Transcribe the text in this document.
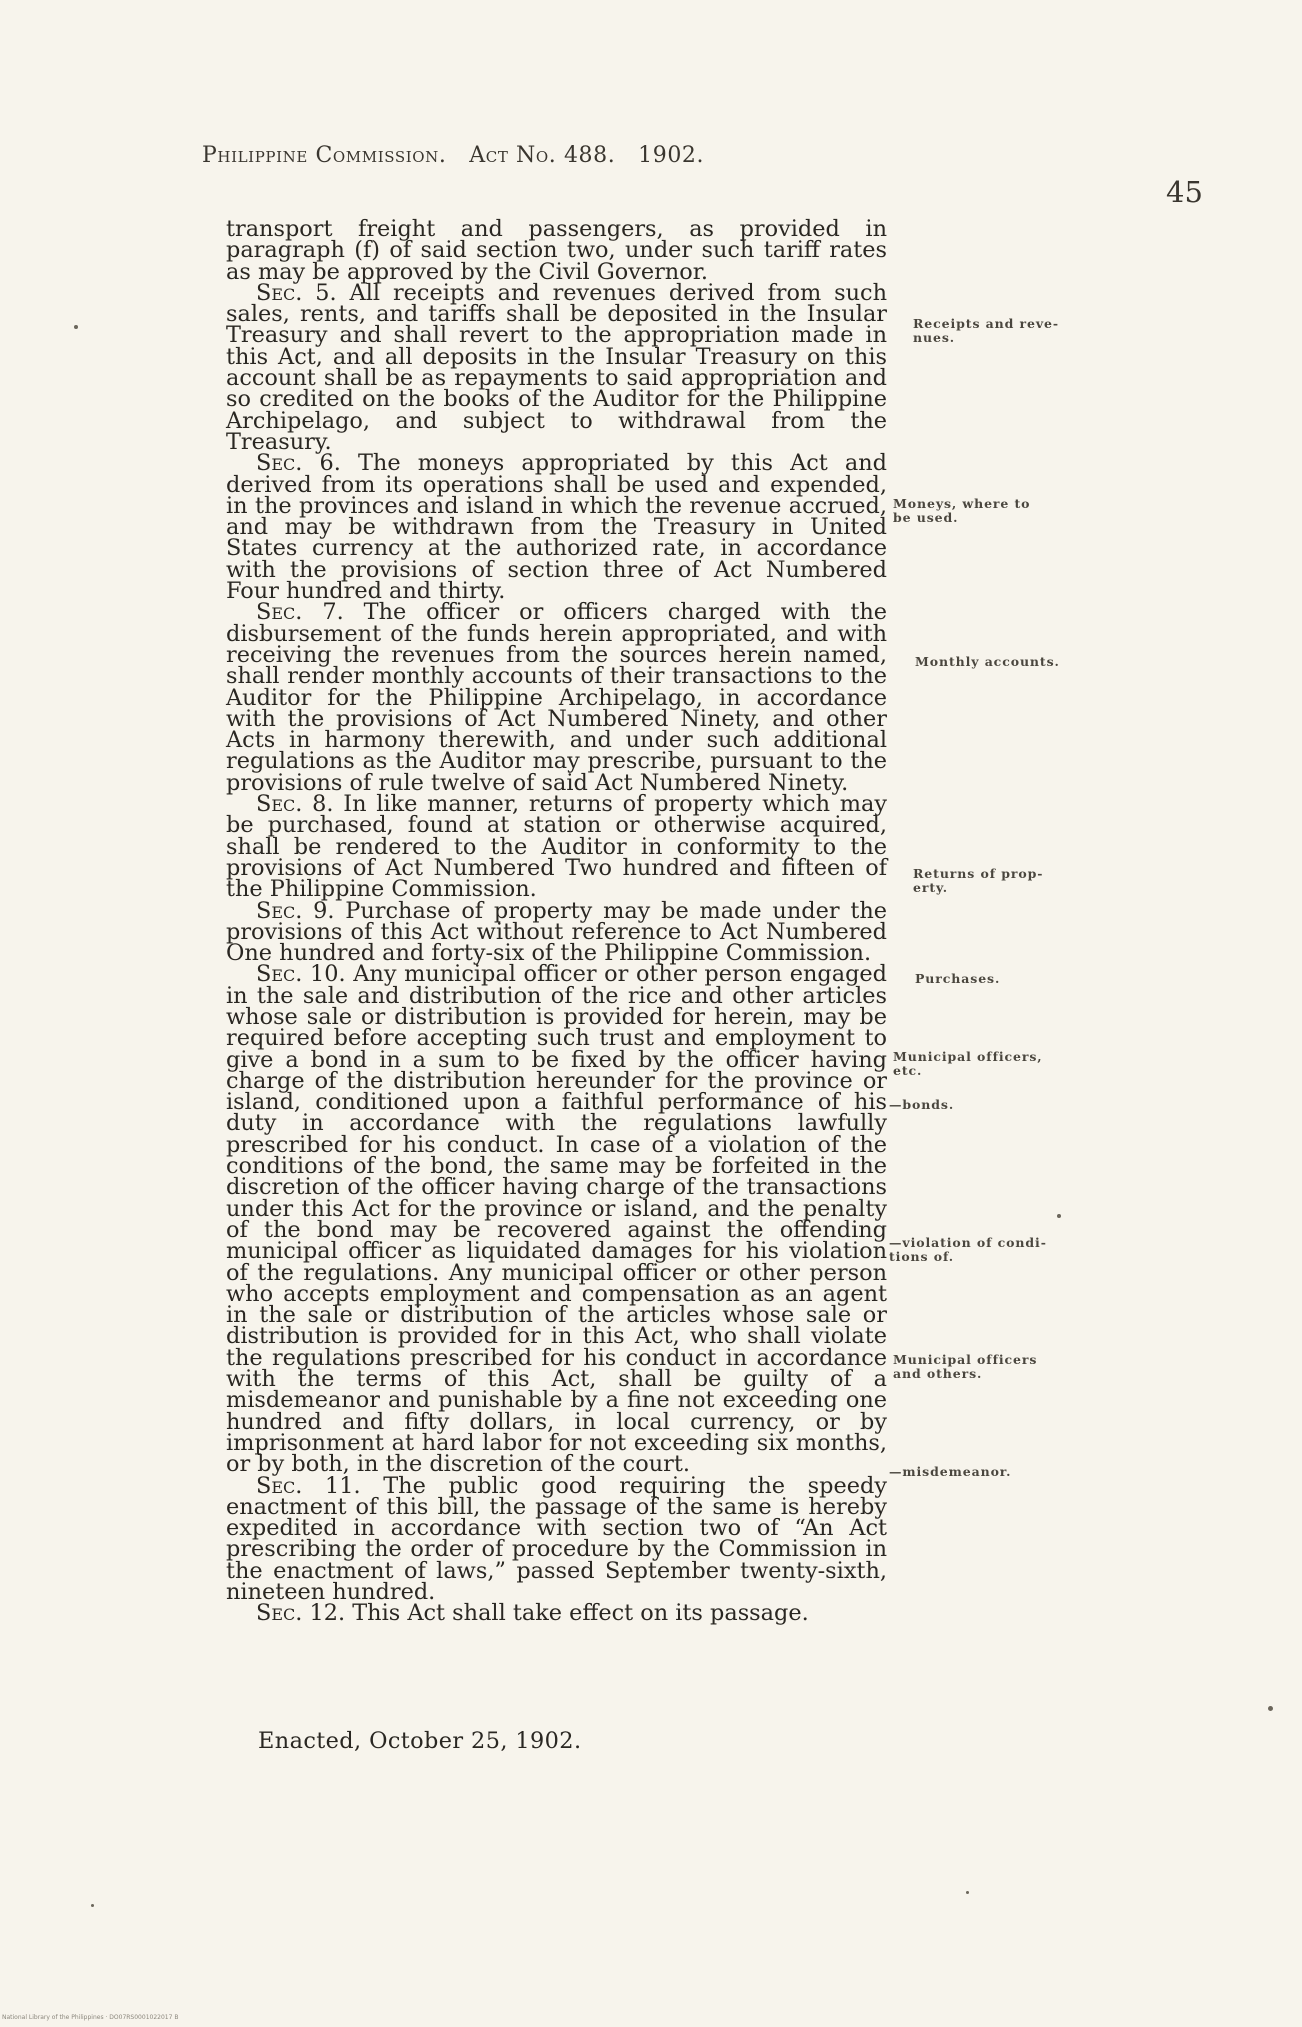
Philippine Commission. Act No. 488. 1902.
45

transport freight and passengers, as provided in paragraph (f) of said section two, under such tariff rates as may be approved by the Civil Governor.

Sec. 5. All receipts and revenues derived from such sales, rents, and tariffs shall be deposited in the Insular Treasury and shall revert to the appropriation made in this Act, and all deposits in the Insular Treasury on this account shall be as repayments to said appropriation and so credited on the books of the Auditor for the Philippine Archipelago, and subject to withdrawal from the Treasury.

Sec. 6. The moneys appropriated by this Act and derived from its operations shall be used and expended, in the provinces and island in which the revenue accrued, and may be withdrawn from the Treasury in United States currency at the authorized rate, in accordance with the provisions of section three of Act Numbered Four hundred and thirty.

Sec. 7. The officer or officers charged with the disbursement of the funds herein appropriated, and with receiving the revenues from the sources herein named, shall render monthly accounts of their transactions to the Auditor for the Philippine Archipelago, in accordance with the provisions of Act Numbered Ninety, and other Acts in harmony therewith, and under such additional regulations as the Auditor may prescribe, pursuant to the provisions of rule twelve of said Act Numbered Ninety.

Sec. 8. In like manner, returns of property which may be purchased, found at station or otherwise acquired, shall be rendered to the Auditor in conformity to the provisions of Act Numbered Two hundred and fifteen of the Philippine Commission.

Sec. 9. Purchase of property may be made under the provisions of this Act without reference to Act Numbered One hundred and forty-six of the Philippine Commission.

Sec. 10. Any municipal officer or other person engaged in the sale and distribution of the rice and other articles whose sale or distribution is provided for herein, may be required before accepting such trust and employment to give a bond in a sum to be fixed by the officer having charge of the distribution hereunder for the province or island, conditioned upon a faithful performance of his duty in accordance with the regulations lawfully prescribed for his conduct. In case of a violation of the conditions of the bond, the same may be forfeited in the discretion of the officer having charge of the transactions under this Act for the province or island, and the penalty of the bond may be recovered against the offending municipal officer as liquidated damages for his violation of the regulations. Any municipal officer or other person who accepts employment and compensation as an agent in the sale or distribution of the articles whose sale or distribution is provided for in this Act, who shall violate the regulations prescribed for his conduct in accordance with the terms of this Act, shall be guilty of a misdemeanor and punishable by a fine not exceeding one hundred and fifty dollars, in local currency, or by imprisonment at hard labor for not exceeding six months, or by both, in the discretion of the court.

Sec. 11. The public good requiring the speedy enactment of this bill, the passage of the same is hereby expedited in accordance with section two of “An Act prescribing the order of procedure by the Commission in the enactment of laws,” passed September twenty-sixth, nineteen hundred.

Sec. 12. This Act shall take effect on its passage.

Enacted, October 25, 1902.
Receipts and reve-
nues.
Moneys, where to
be used.
Monthly accounts.
Returns of prop-
erty.
Purchases.
Municipal officers,
etc.
—bonds.
—violation of condi-
tions of.
Municipal officers
and others.
—misdemeanor.
National Library of the Philippines · DO07RS0001022017 B
